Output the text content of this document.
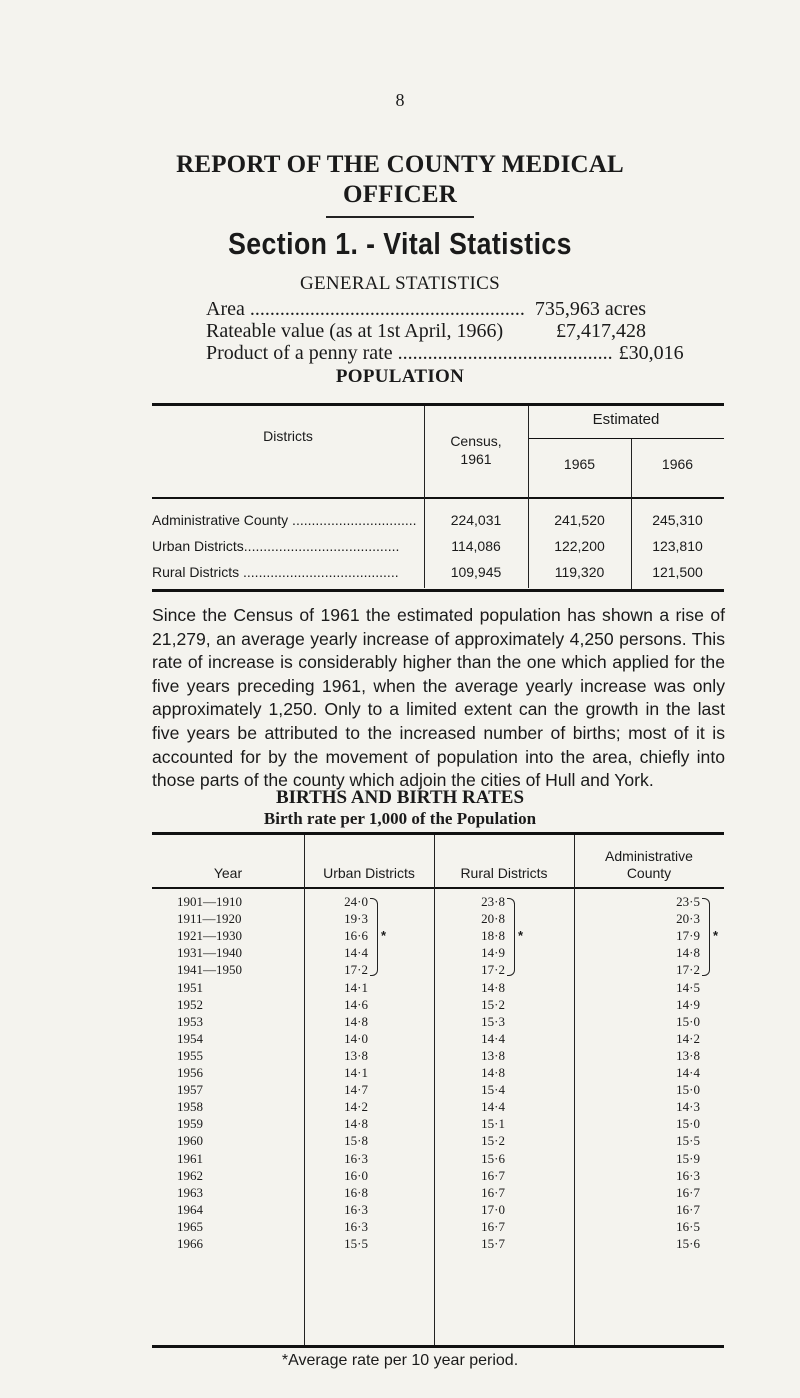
8
REPORT OF THE COUNTY MEDICAL
OFFICER
Section 1. - Vital Statistics
GENERAL STATISTICS
Area ....................................................... 735,963 acres
Rateable value (as at 1st April, 1966)	£7,417,428
Product of a penny rate ........................................... £30,016
POPULATION
Districts	Census, 1961
Estimated
1965	1966
Administrative County ................................	224,031	241,520	245,310
Urban Districts........................................	114,086	122,200	123,810
Rural Districts ........................................	109,945	119,320	121,500
Since the Census of 1961 the estimated population has shown a rise of 21,279, an average yearly increase of approximately 4,250 persons. This rate of increase is considerably higher than the one which applied for the five years preceding 1961, when the average yearly increase was only approximately 1,250. Only to a limited extent can the growth in the last five years be attributed to the increased number of births; most of it is accounted for by the movement of population into the area, chiefly into those parts of the county which adjoin the cities of Hull and York.
BIRTHS AND BIRTH RATES
Birth rate per 1,000 of the Population
Year	Urban Districts	Rural Districts
Administrative
County
1901—1910	24·0	23·8	23·5
1911—1920	19·3	20·8	20·3
1921—1930	16·6	18·8	17·9
1931—1940	14·4	14·9	14·8
1941—1950	17·2	17·2	17·2
1951	14·1	14·8	14·5
1952	14·6	15·2	14·9
1953	14·8	15·3	15·0
1954	14·0	14·4	14·2
1955	13·8	13·8	13·8
1956	14·1	14·8	14·4
1957	14·7	15·4	15·0
1958	14·2	14·4	14·3
1959	14·8	15·1	15·0
1960	15·8	15·2	15·5
1961	16·3	15·6	15·9
1962	16·0	16·7	16·3
1963	16·8	16·7	16·7
1964	16·3	17·0	16·7
1965	16·3	16·7	16·5
1966	15·5	15·7	15·6
*	*	*
*Average rate per 10 year period.
